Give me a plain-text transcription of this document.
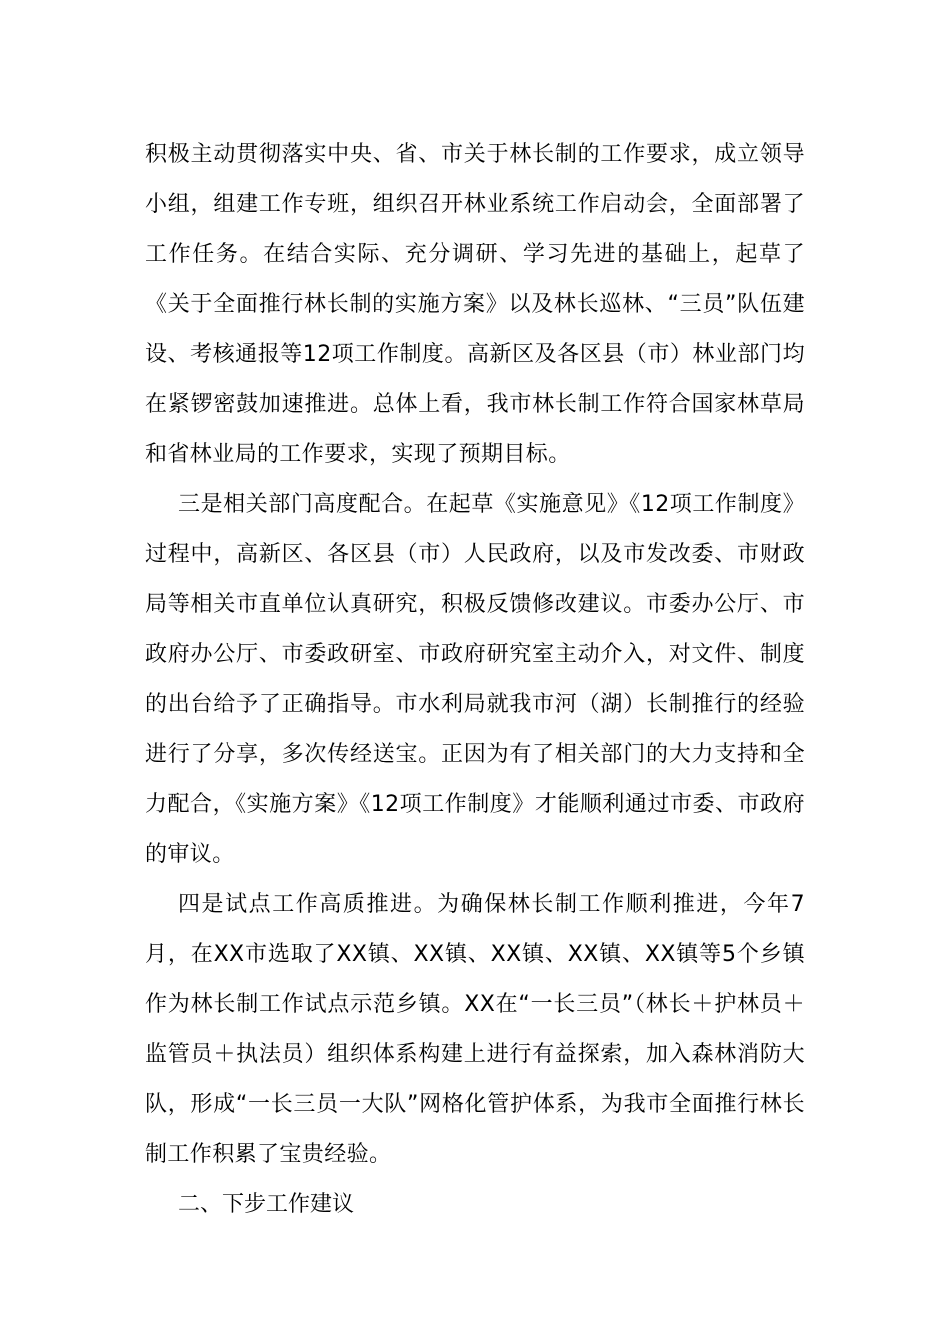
积极主动贯彻落实中央、省、市关于林长制的工作要求，成立领导小组，组建工作专班，组织召开林业系统工作启动会，全面部署了工作任务。在结合实际、充分调研、学习先进的基础上，起草了《关于全面推行林长制的实施方案》以及林长巡林、“三员”队伍建设、考核通报等12项工作制度。高新区及各区县（市）林业部门均在紧锣密鼓加速推进。总体上看，我市林长制工作符合国家林草局和省林业局的工作要求，实现了预期目标。

三是相关部门高度配合。在起草《实施意见》《12项工作制度》过程中，高新区、各区县（市）人民政府，以及市发改委、市财政局等相关市直单位认真研究，积极反馈修改建议。市委办公厅、市政府办公厅、市委政研室、市政府研究室主动介入，对文件、制度的出台给予了正确指导。市水利局就我市河（湖）长制推行的经验进行了分享，多次传经送宝。正因为有了相关部门的大力支持和全力配合，《实施方案》《12项工作制度》才能顺利通过市委、市政府的审议。

四是试点工作高质推进。为确保林长制工作顺利推进，今年7月，在XX市选取了XX镇、XX镇、XX镇、XX镇、XX镇等5个乡镇作为林长制工作试点示范乡镇。XX在“一长三员”（林长＋护林员＋监管员＋执法员）组织体系构建上进行有益探索，加入森林消防大队，形成“一长三员一大队”网格化管护体系，为我市全面推行林长制工作积累了宝贵经验。

二、下步工作建议
